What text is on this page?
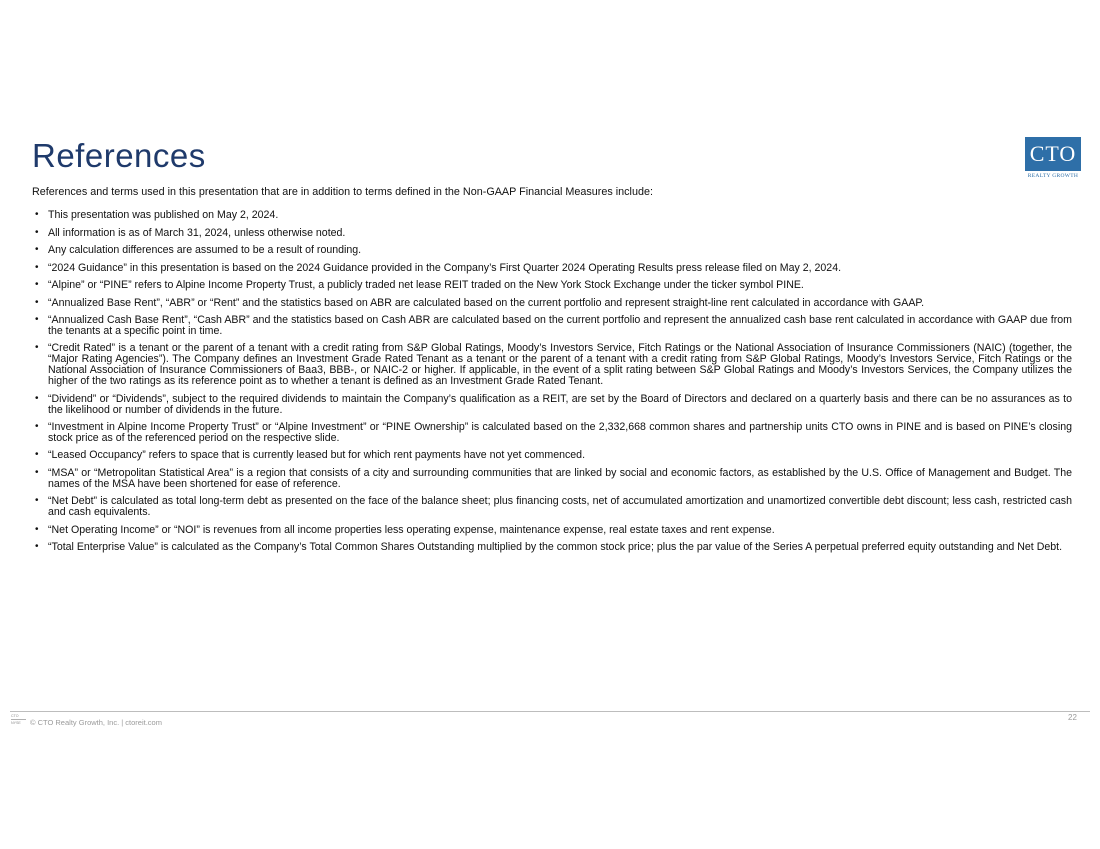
References	CTO
REALTY GROWTH
References and terms used in this presentation that are in addition to terms defined in the Non-GAAP Financial Measures include:
• This presentation was published on May 2, 2024.
• All information is as of March 31, 2024, unless otherwise noted.
• Any calculation differences are assumed to be a result of rounding.
• “2024 Guidance” in this presentation is based on the 2024 Guidance provided in the Company’s First Quarter 2024 Operating Results press release filed on May 2, 2024.
• “Alpine” or “PINE” refers to Alpine Income Property Trust, a publicly traded net lease REIT traded on the New York Stock Exchange under the ticker symbol PINE.
• “Annualized Base Rent”, “ABR” or “Rent” and the statistics based on ABR are calculated based on the current portfolio and represent straight-line rent calculated in accordance with GAAP.
• “Annualized Cash Base Rent”, “Cash ABR” and the statistics based on Cash ABR are calculated based on the current portfolio and represent the annualized cash base rent calculated in accordance with GAAP due from the tenants at a specific point in time.
• “Credit Rated” is a tenant or the parent of a tenant with a credit rating from S&P Global Ratings, Moody’s Investors Service, Fitch Ratings or the National Association of Insurance Commissioners (NAIC) (together, the “Major Rating Agencies”). The Company defines an Investment Grade Rated Tenant as a tenant or the parent of a tenant with a credit rating from S&P Global Ratings, Moody’s Investors Service, Fitch Ratings or the National Association of Insurance Commissioners of Baa3, BBB-, or NAIC-2 or higher. If applicable, in the event of a split rating between S&P Global Ratings and Moody’s Investors Services, the Company utilizes the higher of the two ratings as its reference point as to whether a tenant is defined as an Investment Grade Rated Tenant.
• “Dividend” or “Dividends”, subject to the required dividends to maintain the Company’s qualification as a REIT, are set by the Board of Directors and declared on a quarterly basis and there can be no assurances as to the likelihood or number of dividends in the future.
• “Investment in Alpine Income Property Trust” or “Alpine Investment” or “PINE Ownership” is calculated based on the 2,332,668 common shares and partnership units CTO owns in PINE and is based on PINE’s closing stock price as of the referenced period on the respective slide.
• “Leased Occupancy” refers to space that is currently leased but for which rent payments have not yet commenced.
• “MSA” or “Metropolitan Statistical Area” is a region that consists of a city and surrounding communities that are linked by social and economic factors, as established by the U.S. Office of Management and Budget. The names of the MSA have been shortened for ease of reference.
• “Net Debt” is calculated as total long-term debt as presented on the face of the balance sheet; plus financing costs, net of accumulated amortization and unamortized convertible debt discount; less cash, restricted cash and cash equivalents.
• “Net Operating Income” or “NOI” is revenues from all income properties less operating expense, maintenance expense, real estate taxes and rent expense.
• “Total Enterprise Value” is calculated as the Company’s Total Common Shares Outstanding multiplied by the common stock price; plus the par value of the Series A perpetual preferred equity outstanding and Net Debt.
CTO
NYSE	© CTO Realty Growth, Inc. | ctoreit.com
22
